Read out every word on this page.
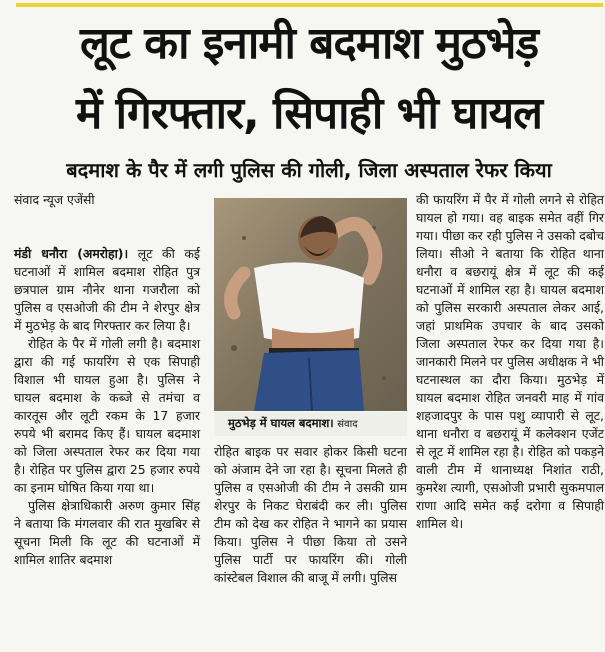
लूट का इनामी बदमाश मुठभेड़
में गिरफ्तार, सिपाही भी घायल
बदमाश के पैर में लगी पुलिस की गोली, जिला अस्पताल रेफर किया

संवाद न्यूज एजेंसी

मंडी धनौरा (अमरोहा)। लूट की कई घटनाओं में शामिल बदमाश रोहित पुत्र छत्रपाल ग्राम नौनेर थाना गजरौला को पुलिस व एसओजी की टीम ने शेरपुर क्षेत्र में मुठभेड़ के बाद गिरफ्तार कर लिया है।

रोहित के पैर में गोली लगी है। बदमाश द्वारा की गई फायरिंग से एक सिपाही विशाल भी घायल हुआ है। पुलिस ने घायल बदमाश के कब्जे से तमंचा व कारतूस और लूटी रकम के 17 हजार रुपये भी बरामद किए हैं। घायल बदमाश को जिला अस्पताल रेफर कर दिया गया है। रोहित पर पुलिस द्वारा 25 हजार रुपये का इनाम घोषित किया गया था।

पुलिस क्षेत्राधिकारी अरुण कुमार सिंह ने बताया कि मंगलवार की रात मुखबिर से सूचना मिली कि लूट की घटनाओं में शामिल शातिर बदमाश

मुठभेड़ में घायल बदमाश। संवाद

रोहित बाइक पर सवार होकर किसी घटना को अंजाम देने जा रहा है। सूचना मिलते ही पुलिस व एसओजी की टीम ने उसकी ग्राम शेरपुर के निकट घेराबंदी कर ली। पुलिस टीम को देख कर रोहित ने भागने का प्रयास किया। पुलिस ने पीछा किया तो उसने पुलिस पार्टी पर फायरिंग की। गोली कांस्टेबल विशाल की बाजू में लगी। पुलिस

की फायरिंग में पैर में गोली लगने से रोहित घायल हो गया। वह बाइक समेत वहीं गिर गया। पीछा कर रही पुलिस ने उसको दबोच लिया। सीओ ने बताया कि रोहित थाना धनौरा व बछरायूं क्षेत्र में लूट की कई घटनाओं में शामिल रहा है। घायल बदमाश को पुलिस सरकारी अस्पताल लेकर आई, जहां प्राथमिक उपचार के बाद उसको जिला अस्पताल रेफर कर दिया गया है। जानकारी मिलने पर पुलिस अधीक्षक ने भी घटनास्थल का दौरा किया। मुठभेड़ में घायल बदमाश रोहित जनवरी माह में गांव शहजादपुर के पास पशु व्यापारी से लूट, थाना धनौरा व बछरायूं में कलेक्शन एजेंट से लूट में शामिल रहा है। रोहित को पकड़ने वाली टीम में थानाध्यक्ष निशांत राठी, कुमरेश त्यागी, एसओजी प्रभारी सुकमपाल राणा आदि समेत कई दरोगा व सिपाही शामिल थे।
